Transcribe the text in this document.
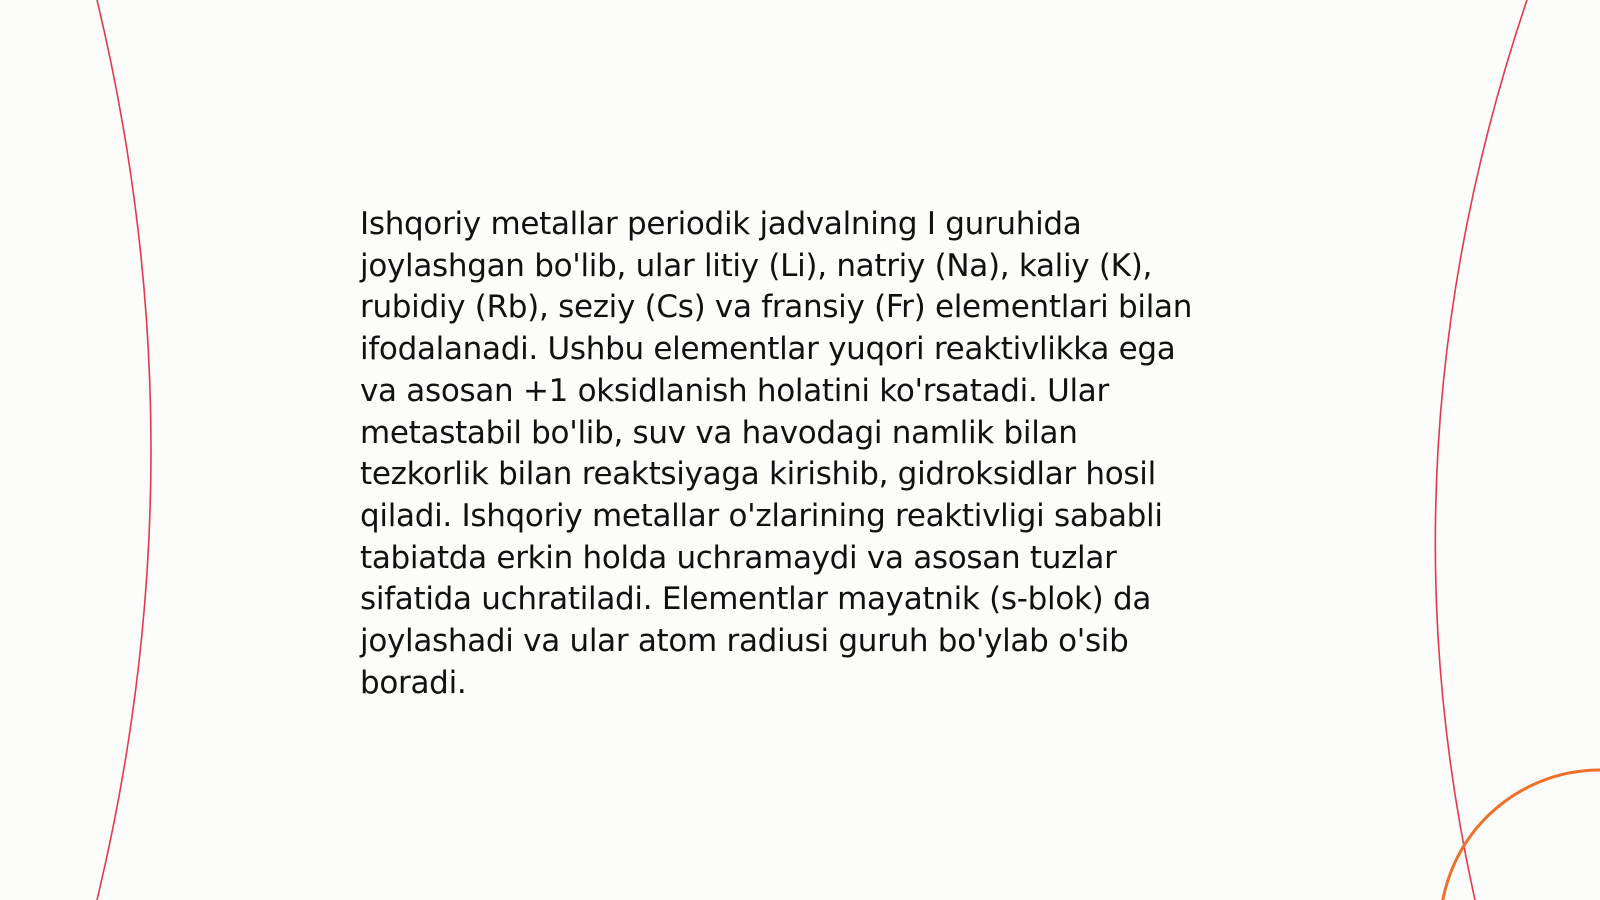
Ishqoriy metallar periodik jadvalning I guruhida
joylashgan bo'lib, ular litiy (Li), natriy (Na), kaliy (K),
rubidiy (Rb), seziy (Cs) va fransiy (Fr) elementlari bilan
ifodalanadi. Ushbu elementlar yuqori reaktivlikka ega
va asosan +1 oksidlanish holatini ko'rsatadi. Ular
metastabil bo'lib, suv va havodagi namlik bilan
tezkorlik bilan reaktsiyaga kirishib, gidroksidlar hosil
qiladi. Ishqoriy metallar o'zlarining reaktivligi sababli
tabiatda erkin holda uchramaydi va asosan tuzlar
sifatida uchratiladi. Elementlar mayatnik (s-blok) da
joylashadi va ular atom radiusi guruh bo'ylab o'sib
boradi.
